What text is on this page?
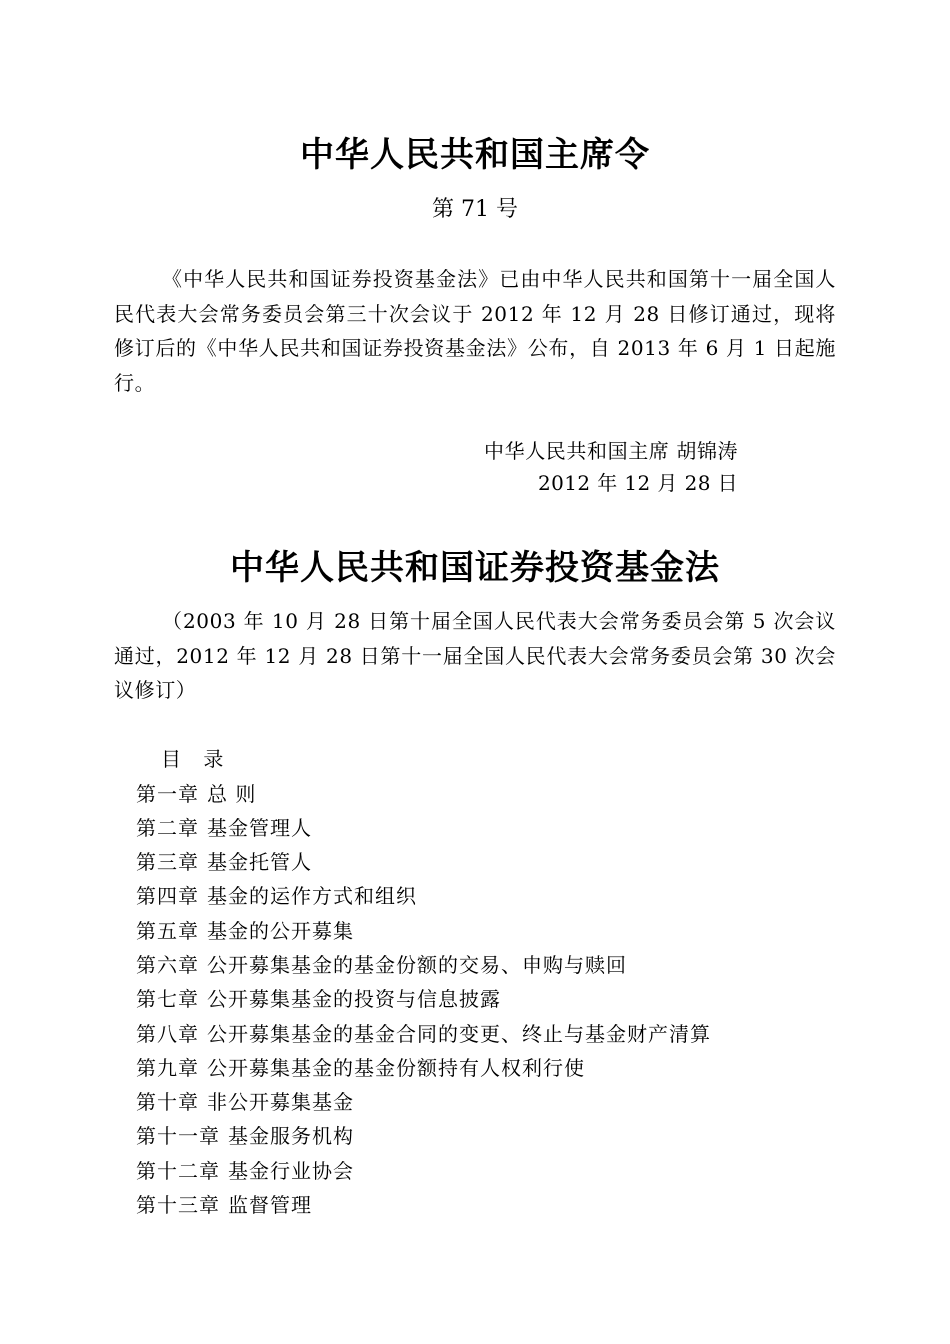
中华人民共和国主席令
第 71 号
《中华人民共和国证券投资基金法》已由中华人民共和国第十一届全国人民代表大会常务委员会第三十次会议于 2012 年 12 月 28 日修订通过，现将修订后的《中华人民共和国证券投资基金法》公布，自 2013 年 6 月 1 日起施行。
中华人民共和国主席 胡锦涛
2012 年 12 月 28 日
中华人民共和国证券投资基金法
（2003 年 10 月 28 日第十届全国人民代表大会常务委员会第 5 次会议通过，2012 年 12 月 28 日第十一届全国人民代表大会常务委员会第 30 次会议修订）
目 录
第一章 总 则
第二章 基金管理人
第三章 基金托管人
第四章 基金的运作方式和组织
第五章 基金的公开募集
第六章 公开募集基金的基金份额的交易、申购与赎回
第七章 公开募集基金的投资与信息披露
第八章 公开募集基金的基金合同的变更、终止与基金财产清算
第九章 公开募集基金的基金份额持有人权利行使
第十章 非公开募集基金
第十一章 基金服务机构
第十二章 基金行业协会
第十三章 监督管理
